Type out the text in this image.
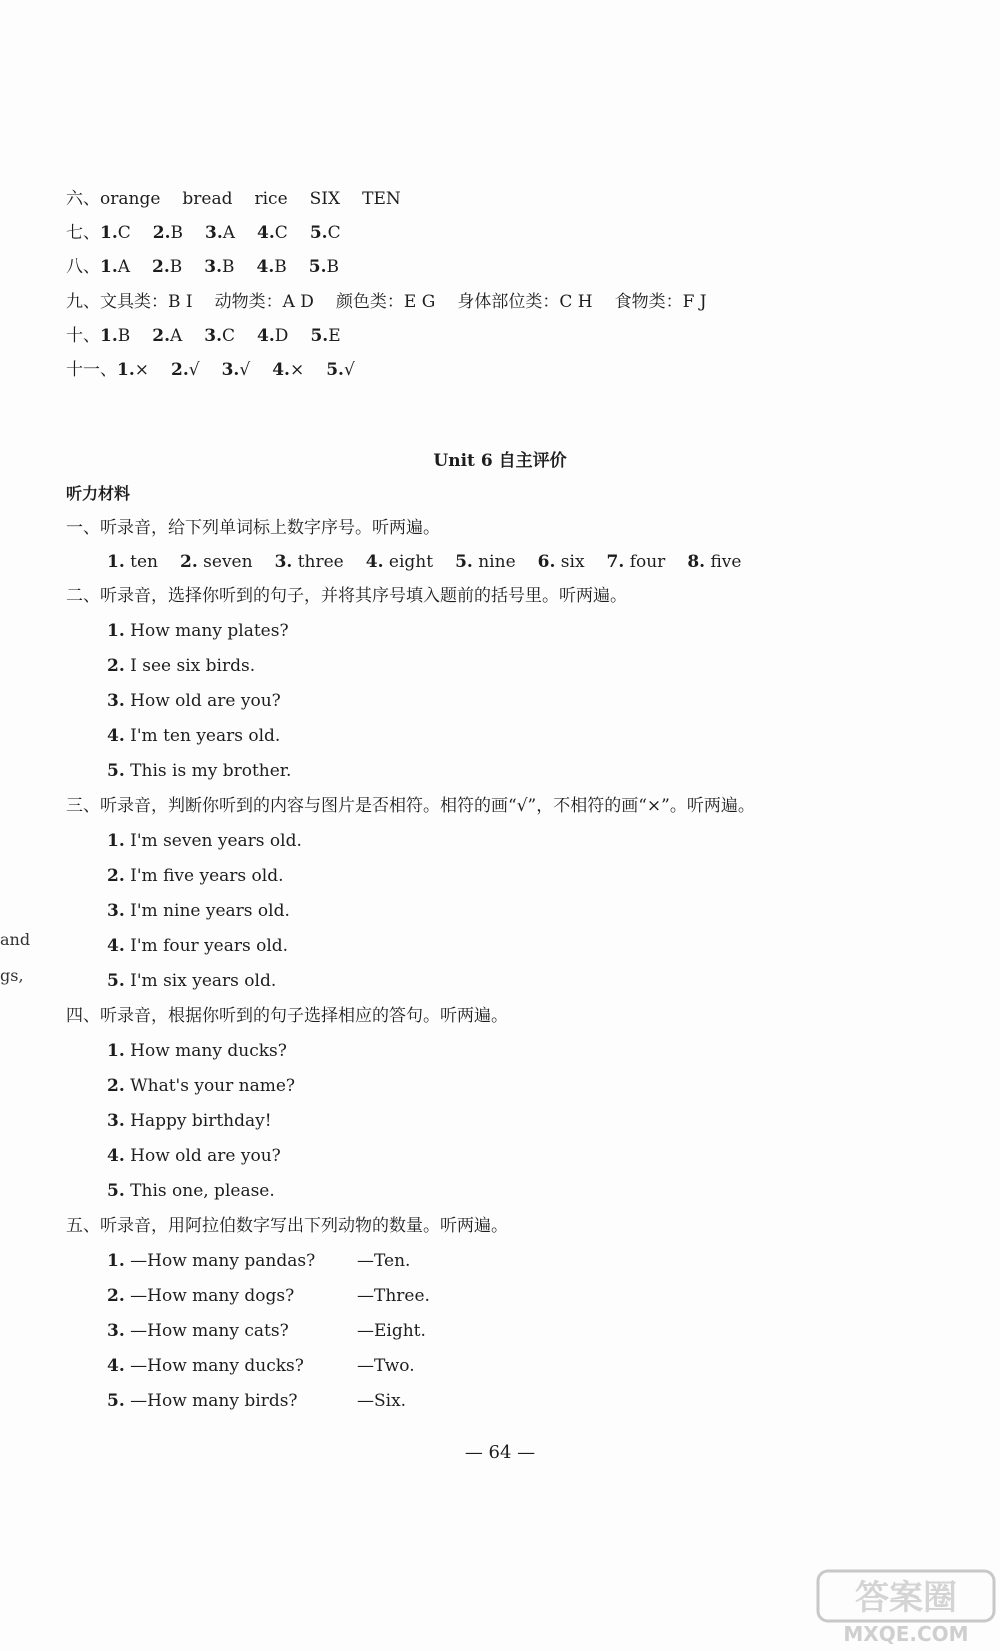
六、orange bread rice SIX TEN
七、1.C 2.B 3.A 4.C 5.C
八、1.A 2.B 3.B 4.B 5.B
九、文具类：B I 动物类：A D 颜色类：E G 身体部位类：C H 食物类：F J
十、1.B 2.A 3.C 4.D 5.E
十一、1.× 2.√ 3.√ 4.× 5.√
Unit 6 自主评价
听力材料
一、听录音，给下列单词标上数字序号。听两遍。
1. ten 2. seven 3. three 4. eight 5. nine 6. six 7. four 8. five
二、听录音，选择你听到的句子，并将其序号填入题前的括号里。听两遍。
1. How many plates?
2. I see six birds.
3. How old are you?
4. I'm ten years old.
5. This is my brother.
三、听录音，判断你听到的内容与图片是否相符。相符的画“√”，不相符的画“×”。听两遍。
1. I'm seven years old.
2. I'm five years old.
3. I'm nine years old.
4. I'm four years old.
5. I'm six years old.
四、听录音，根据你听到的句子选择相应的答句。听两遍。
1. How many ducks?
2. What's your name?
3. Happy birthday!
4. How old are you?
5. This one, please.
五、听录音，用阿拉伯数字写出下列动物的数量。听两遍。
1. —How many pandas? —Ten.
2. —How many dogs?	—Three.
3. —How many cats?	—Eight.
4. —How many ducks?	—Two.
5. —How many birds?	—Six.
and
gs,
— 64 —
答案圈
MXQE.COM
